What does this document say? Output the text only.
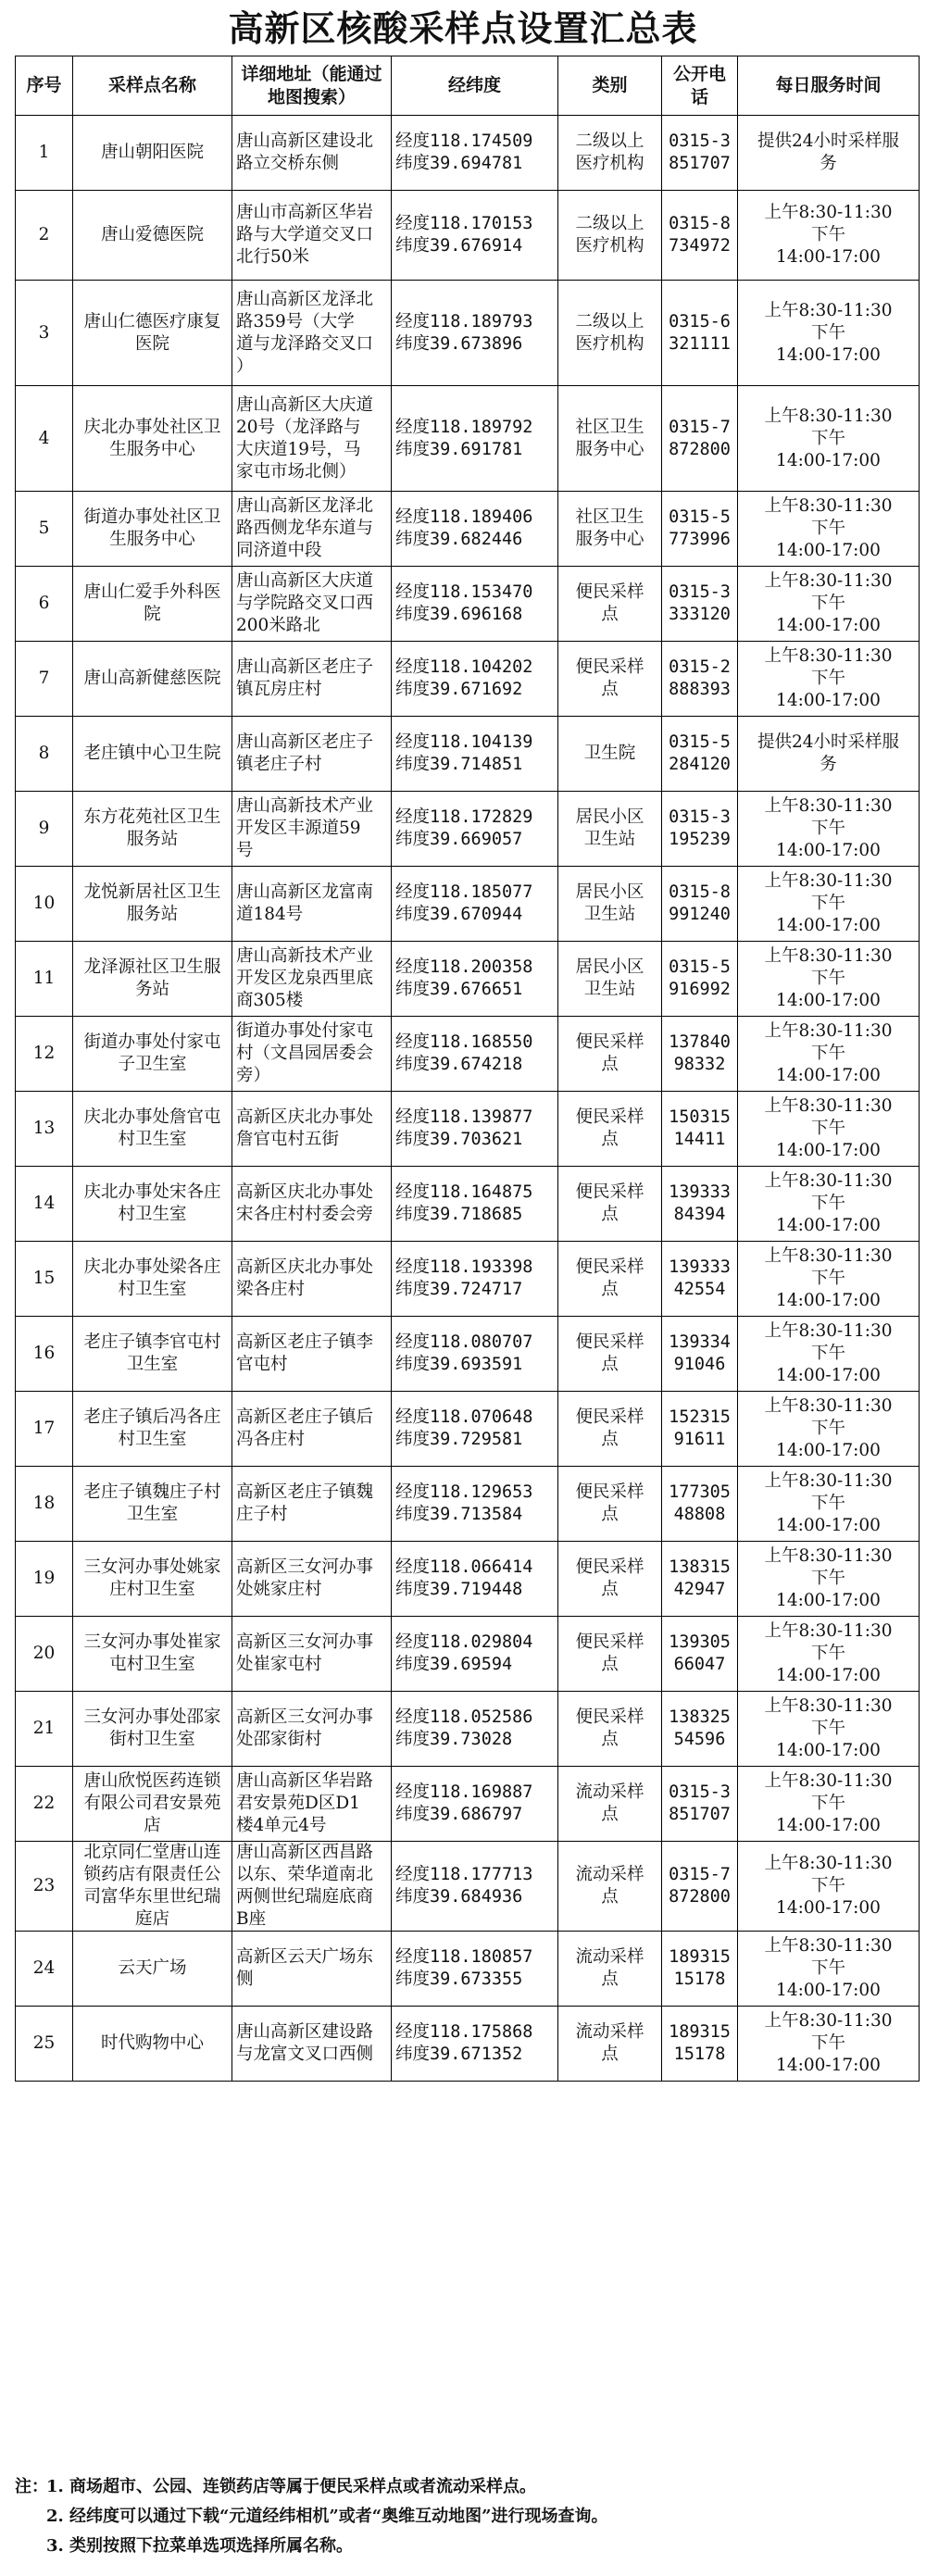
高新区核酸采样点设置汇总表
序号	采样点名称	详细地址（能通过地图搜索）	经纬度	类别	公开电话	每日服务时间
1	唐山朝阳医院	唐山高新区建设北
路立交桥东侧	经度118.174509
纬度39.694781	二级以上
医疗机构	0315-3
851707	提供24小时采样服
务

2	唐山爱德医院	唐山市高新区华岩
路与大学道交叉口
北行50米	经度118.170153
纬度39.676914	二级以上
医疗机构	0315-8
734972	上午8:30-11:30
下午
14:00-17:00

3	唐山仁德医疗康复
医院	唐山高新区龙泽北
路359号（大学
道与龙泽路交叉口
）	经度118.189793
纬度39.673896	二级以上
医疗机构	0315-6
321111	上午8:30-11:30
下午
14:00-17:00

4	庆北办事处社区卫
生服务中心	唐山高新区大庆道
20号（龙泽路与
大庆道19号，马
家屯市场北侧）	经度118.189792
纬度39.691781	社区卫生
服务中心	0315-7
872800	上午8:30-11:30
下午
14:00-17:00

5	街道办事处社区卫
生服务中心	唐山高新区龙泽北
路西侧龙华东道与
同济道中段	经度118.189406
纬度39.682446	社区卫生
服务中心	0315-5
773996	上午8:30-11:30
下午
14:00-17:00

6	唐山仁爱手外科医
院	唐山高新区大庆道
与学院路交叉口西
200米路北	经度118.153470
纬度39.696168	便民采样
点	0315-3
333120	上午8:30-11:30
下午
14:00-17:00

7	唐山高新健慈医院	唐山高新区老庄子
镇瓦房庄村	经度118.104202
纬度39.671692	便民采样
点	0315-2
888393	上午8:30-11:30
下午
14:00-17:00

8	老庄镇中心卫生院	唐山高新区老庄子
镇老庄子村	经度118.104139
纬度39.714851	卫生院	0315-5
284120	提供24小时采样服
务

9	东方花苑社区卫生
服务站	唐山高新技术产业
开发区丰源道59
号	经度118.172829
纬度39.669057	居民小区
卫生站	0315-3
195239	上午8:30-11:30
下午
14:00-17:00

10	龙悦新居社区卫生
服务站	唐山高新区龙富南
道184号	经度118.185077
纬度39.670944	居民小区
卫生站	0315-8
991240	上午8:30-11:30
下午
14:00-17:00

11	龙泽源社区卫生服
务站	唐山高新技术产业
开发区龙泉西里底
商305楼	经度118.200358
纬度39.676651	居民小区
卫生站	0315-5
916992	上午8:30-11:30
下午
14:00-17:00

12	街道办事处付家屯
子卫生室	街道办事处付家屯
村（文昌园居委会
旁）	经度118.168550
纬度39.674218	便民采样
点	137840
98332	上午8:30-11:30
下午
14:00-17:00

13	庆北办事处詹官屯
村卫生室	高新区庆北办事处
詹官屯村五街	经度118.139877
纬度39.703621	便民采样
点	150315
14411	上午8:30-11:30
下午
14:00-17:00

14	庆北办事处宋各庄
村卫生室	高新区庆北办事处
宋各庄村村委会旁	经度118.164875
纬度39.718685	便民采样
点	139333
84394	上午8:30-11:30
下午
14:00-17:00

15	庆北办事处梁各庄
村卫生室	高新区庆北办事处
梁各庄村	经度118.193398
纬度39.724717	便民采样
点	139333
42554	上午8:30-11:30
下午
14:00-17:00

16	老庄子镇李官屯村
卫生室	高新区老庄子镇李
官屯村	经度118.080707
纬度39.693591	便民采样
点	139334
91046	上午8:30-11:30
下午
14:00-17:00

17	老庄子镇后冯各庄
村卫生室	高新区老庄子镇后
冯各庄村	经度118.070648
纬度39.729581	便民采样
点	152315
91611	上午8:30-11:30
下午
14:00-17:00

18	老庄子镇魏庄子村
卫生室	高新区老庄子镇魏
庄子村	经度118.129653
纬度39.713584	便民采样
点	177305
48808	上午8:30-11:30
下午
14:00-17:00

19	三女河办事处姚家
庄村卫生室	高新区三女河办事
处姚家庄村	经度118.066414
纬度39.719448	便民采样
点	138315
42947	上午8:30-11:30
下午
14:00-17:00

20	三女河办事处崔家
屯村卫生室	高新区三女河办事
处崔家屯村	经度118.029804
纬度39.69594	便民采样
点	139305
66047	上午8:30-11:30
下午
14:00-17:00

21	三女河办事处邵家
街村卫生室	高新区三女河办事
处邵家街村	经度118.052586
纬度39.73028	便民采样
点	138325
54596	上午8:30-11:30
下午
14:00-17:00

22	唐山欣悦医药连锁
有限公司君安景苑
店	唐山高新区华岩路
君安景苑D区D1
楼4单元4号	经度118.169887
纬度39.686797	流动采样
点	0315-3
851707	上午8:30-11:30
下午
14:00-17:00

23	北京同仁堂唐山连
锁药店有限责任公
司富华东里世纪瑞
庭店	唐山高新区西昌路
以东、荣华道南北
两侧世纪瑞庭底商
B座	经度118.177713
纬度39.684936	流动采样
点	0315-7
872800	上午8:30-11:30
下午
14:00-17:00

24	云天广场	高新区云天广场东
侧	经度118.180857
纬度39.673355	流动采样
点	189315
15178	上午8:30-11:30
下午
14:00-17:00

25	时代购物中心	唐山高新区建设路
与龙富文叉口西侧	经度118.175868
纬度39.671352	流动采样
点	189315
15178	上午8:30-11:30
下午
14:00-17:00
注：
1. 商场超市、公园、连锁药店等属于便民采样点或者流动采样点。
2. 经纬度可以通过下载“元道经纬相机”或者“奥维互动地图”进行现场查询。
3. 类别按照下拉菜单选项选择所属名称。
